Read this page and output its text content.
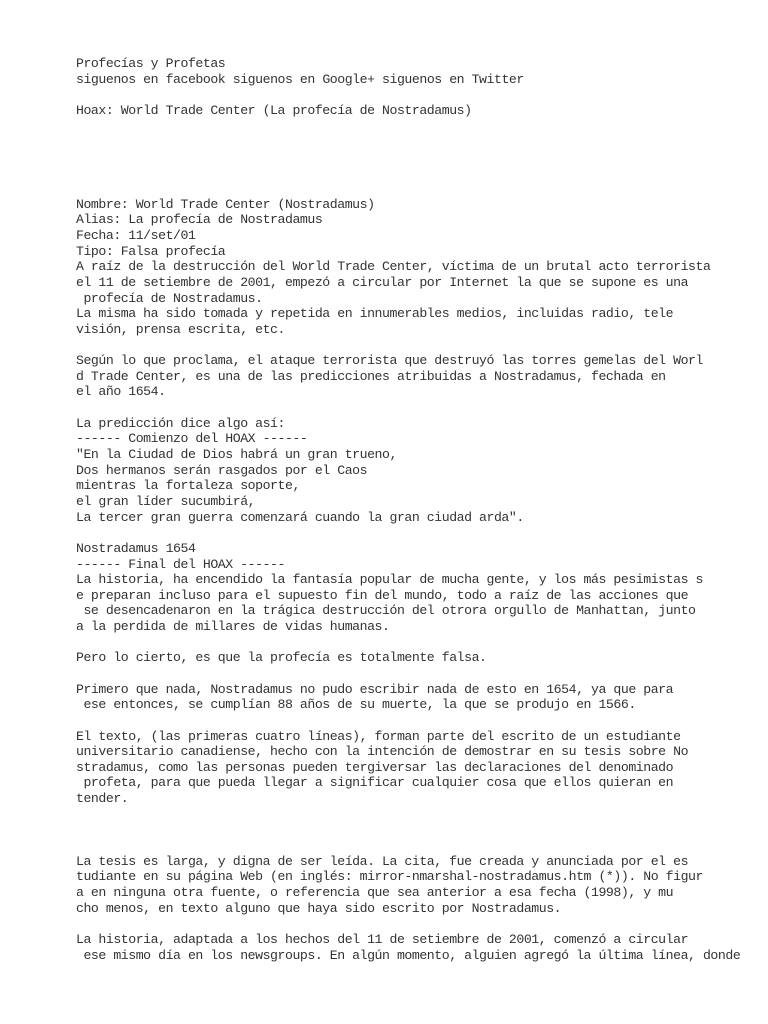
Profecías y Profetas
siguenos en facebook siguenos en Google+ siguenos en Twitter
Hoax: World Trade Center (La profecía de Nostradamus)
Nombre: World Trade Center (Nostradamus)
Alias: La profecía de Nostradamus
Fecha: 11/set/01
Tipo: Falsa profecía
A raíz de la destrucción del World Trade Center, víctima de un brutal acto terrorista
el 11 de setiembre de 2001, empezó a circular por Internet la que se supone es una
profecía de Nostradamus.
La misma ha sido tomada y repetida en innumerables medios, incluidas radio, tele
visión, prensa escrita, etc.
Según lo que proclama, el ataque terrorista que destruyó las torres gemelas del Worl
d Trade Center, es una de las predicciones atribuidas a Nostradamus, fechada en
el año 1654.
La predicción dice algo así:
------ Comienzo del HOAX ------
"En la Ciudad de Dios habrá un gran trueno,
Dos hermanos serán rasgados por el Caos
mientras la fortaleza soporte,
el gran líder sucumbirá,
La tercer gran guerra comenzará cuando la gran ciudad arda".
Nostradamus 1654
------ Final del HOAX ------
La historia, ha encendido la fantasía popular de mucha gente, y los más pesimistas s
e preparan incluso para el supuesto fin del mundo, todo a raíz de las acciones que
se desencadenaron en la trágica destrucción del otrora orgullo de Manhattan, junto
a la perdida de millares de vidas humanas.
Pero lo cierto, es que la profecía es totalmente falsa.
Primero que nada, Nostradamus no pudo escribir nada de esto en 1654, ya que para
ese entonces, se cumplían 88 años de su muerte, la que se produjo en 1566.
El texto, (las primeras cuatro líneas), forman parte del escrito de un estudiante
universitario canadiense, hecho con la intención de demostrar en su tesis sobre No
stradamus, como las personas pueden tergiversar las declaraciones del denominado
profeta, para que pueda llegar a significar cualquier cosa que ellos quieran en
tender.
La tesis es larga, y digna de ser leída. La cita, fue creada y anunciada por el es
tudiante en su página Web (en inglés: mirror-nmarshal-nostradamus.htm (*)). No figur
a en ninguna otra fuente, o referencia que sea anterior a esa fecha (1998), y mu
cho menos, en texto alguno que haya sido escrito por Nostradamus.
La historia, adaptada a los hechos del 11 de setiembre de 2001, comenzó a circular
ese mismo día en los newsgroups. En algún momento, alguien agregó la última línea, donde
